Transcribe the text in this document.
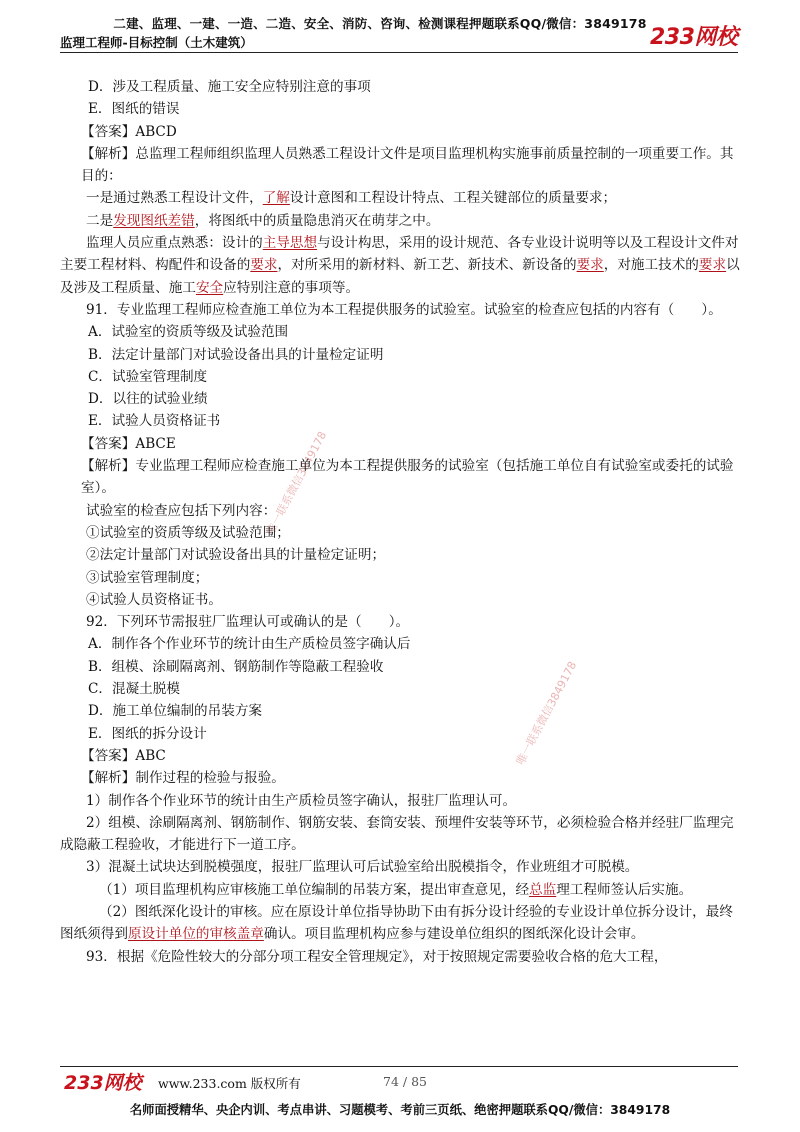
二建、监理、一建、一造、二造、安全、消防、咨询、检测课程押题联系QQ/微信：3849178
监理工程师-目标控制（土木建筑）	233网校
唯一联系微信3849178
唯一联系微信3849178

D．涉及工程质量、施工安全应特别注意的事项

E．图纸的错误

【答案】ABCD

【解析】总监理工程师组织监理人员熟悉工程设计文件是项目监理机构实施事前质量控制的一项重要工作。其目的：

一是通过熟悉工程设计文件，了解设计意图和工程设计特点、工程关键部位的质量要求；

二是发现图纸差错，将图纸中的质量隐患消灭在萌芽之中。

监理人员应重点熟悉：设计的主导思想与设计构思，采用的设计规范、各专业设计说明等以及工程设计文件对主要工程材料、构配件和设备的要求，对所采用的新材料、新工艺、新技术、新设备的要求，对施工技术的要求以及涉及工程质量、施工安全应特别注意的事项等。

91．专业监理工程师应检查施工单位为本工程提供服务的试验室。试验室的检查应包括的内容有（　　）。

A．试验室的资质等级及试验范围

B．法定计量部门对试验设备出具的计量检定证明

C．试验室管理制度

D．以往的试验业绩

E．试验人员资格证书

【答案】ABCE

【解析】专业监理工程师应检查施工单位为本工程提供服务的试验室（包括施工单位自有试验室或委托的试验室）。

试验室的检查应包括下列内容：

①试验室的资质等级及试验范围；

②法定计量部门对试验设备出具的计量检定证明；

③试验室管理制度；

④试验人员资格证书。

92．下列环节需报驻厂监理认可或确认的是（　　）。

A．制作各个作业环节的统计由生产质检员签字确认后

B．组模、涂刷隔离剂、钢筋制作等隐蔽工程验收

C．混凝土脱模

D．施工单位编制的吊装方案

E．图纸的拆分设计

【答案】ABC

【解析】制作过程的检验与报验。

1）制作各个作业环节的统计由生产质检员签字确认，报驻厂监理认可。

2）组模、涂刷隔离剂、钢筋制作、钢筋安装、套筒安装、预埋件安装等环节，必须检验合格并经驻厂监理完成隐蔽工程验收，才能进行下一道工序。

3）混凝土试块达到脱模强度，报驻厂监理认可后试验室给出脱模指令，作业班组才可脱模。

（1）项目监理机构应审核施工单位编制的吊装方案，提出审查意见，经总监理工程师签认后实施。

（2）图纸深化设计的审核。应在原设计单位指导协助下由有拆分设计经验的专业设计单位拆分设计，最终图纸须得到原设计单位的审核盖章确认。项目监理机构应参与建设单位组织的图纸深化设计会审。

93．根据《危险性较大的分部分项工程安全管理规定》，对于按照规定需要验收合格的危大工程，

233网校 www.233.com 版权所有	74 / 85
名师面授精华、央企内训、考点串讲、习题模考、考前三页纸、绝密押题联系QQ/微信：3849178
